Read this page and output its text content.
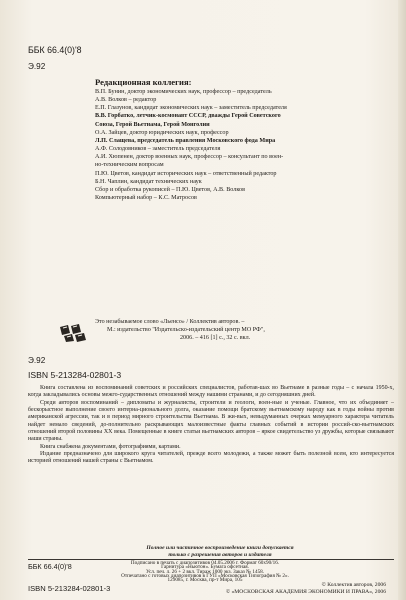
ББК 66.4(0)'8
Э.92
Редакционная коллегия:
В.П. Бунин, доктор экономических наук, профессор – председатель
А.В. Волков – редактор
Е.П. Глазунов, кандидат экономических наук – заместитель председателя
В.В. Горбатко, летчик-космонавт СССР, дважды Герой Советского
Союза, Герой Вьетнама, Герой Монголии
О.А. Зайцев, доктор юридических наук, профессор
Л.П. Слащева, председатель правления Московского фода Мира
А.Ф. Солодовников – заместитель председателя
А.И. Хюпенен, доктор военных наук, профессор – консультант по воен-
но-техническим вопросам
П.Ю. Цветов, кандидат исторических наук – ответственный редактор
Б.Н. Чаплин, кандидат технических наук
Сбор и обработка рукописей – П.Ю. Цветов, А.В. Волков
Компьютерный набор – К.С. Матросов
Это незабываемое слово «Льенсо» / Коллектив авторов. –
М.: издательство "Издательско-издательский центр МО РФ",
2006. – 416 [1] с., 32 с. вкл.
Э.92
ISBN 5-213284-02801-3

Книга составлена из воспоминаний советских и российских специалистов, работав-шах во Вьетнаме в разные годы – с начала 1950-х, когда закладывались основы межго-сударственных отношений между нашими странами, и до сегодняшних дней.

Среди авторов воспоминаний – дипломаты и журналисты, строители и геологи, воен-ные и ученые. Главное, что их объединяет – бескорыстное выполнение своего интерна-ционального долга, оказание помощи братскому вьетнамскому народу как в годы войны против американской агрессии, так и в период мирного строительства Вьетнама. В жи-вых, невыдуманных очерках мемуарного характера читатель найдет немало сведений, до-полнительно раскрывающих малоизвестные факты главных событий в истории россий-ско-вьетнамских отношений второй половины XX века. Помещенные в книге статьи вьетнамских авторов – яркое свидетельство уз дружбы, которые связывают наши страны.

Книга снабжена документами, фотографиями, картами.

Издание предназначено для широкого круга читателей, прежде всего молодежи, а также может быть полезной всем, кто интересуется историей отношений нашей страны с Вьетнамом.

Полное или частичное воспроизведение книги допускается
только с разрешения авторов и издателя
ББК 66.4(0)'8	Подписано в печать с диапозитивов 04.05.2006 г. Формат 60x90/16.
Гарнитура «Ньютон». Бумага офсетная.
Усл. печ. л. 26 + 2 вкл. Тираж 1000 экз. Заказ № 1458.
Отпечатано с готовых диапозитивов в ГУП «Московская Типография № 2».
129085, г. Москва, пр-т Мира, 105
ISBN 5-213284-02801-3	© Коллектив авторов, 2006
© «МОСКОВСКАЯ АКАДЕМИЯ ЭКОНОМИКИ И ПРАВА», 2006
